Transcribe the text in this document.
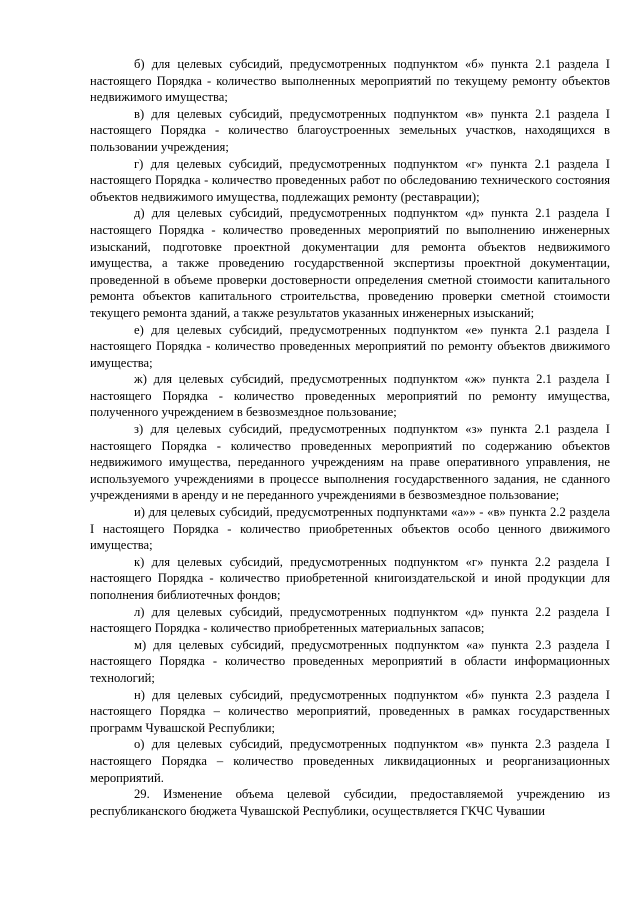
б) для целевых субсидий, предусмотренных подпунктом «б» пункта 2.1 раздела I настоящего Порядка - количество выполненных мероприятий по текущему ремонту объектов недвижимого имущества;

в) для целевых субсидий, предусмотренных подпунктом «в» пункта 2.1 раздела I настоящего Порядка - количество благоустроенных земельных участков, находящихся в пользовании учреждения;

г) для целевых субсидий, предусмотренных подпунктом «г» пункта 2.1 раздела I настоящего Порядка - количество проведенных работ по обследованию технического состояния объектов недвижимого имущества, подлежащих ремонту (реставрации);

д) для целевых субсидий, предусмотренных подпунктом «д» пункта 2.1 раздела I настоящего Порядка - количество проведенных мероприятий по выполнению инженерных изысканий, подготовке проектной документации для ремонта объектов недвижимого имущества, а также проведению государственной экспертизы проектной документации, проведенной в объеме проверки достоверности определения сметной стоимости капитального ремонта объектов капитального строительства, проведению проверки сметной стоимости текущего ремонта зданий, а также результатов указанных инженерных изысканий;

е) для целевых субсидий, предусмотренных подпунктом «е» пункта 2.1 раздела I настоящего Порядка - количество проведенных мероприятий по ремонту объектов движимого имущества;

ж) для целевых субсидий, предусмотренных подпунктом «ж» пункта 2.1 раздела I настоящего Порядка - количество проведенных мероприятий по ремонту имущества, полученного учреждением в безвозмездное пользование;

з) для целевых субсидий, предусмотренных подпунктом «з» пункта 2.1 раздела I настоящего Порядка - количество проведенных мероприятий по содержанию объектов недвижимого имущества, переданного учреждениям на праве оперативного управления, не используемого учреждениями в процессе выполнения государственного задания, не сданного учреждениями в аренду и не переданного учреждениями в безвозмездное пользование;

и) для целевых субсидий, предусмотренных подпунктами «а»» - «в» пункта 2.2 раздела I настоящего Порядка - количество приобретенных объектов особо ценного движимого имущества;

к) для целевых субсидий, предусмотренных подпунктом «г» пункта 2.2 раздела I настоящего Порядка - количество приобретенной книгоиздательской и иной продукции для пополнения библиотечных фондов;

л) для целевых субсидий, предусмотренных подпунктом «д» пункта 2.2 раздела I настоящего Порядка - количество приобретенных материальных запасов;

м) для целевых субсидий, предусмотренных подпунктом «а» пункта 2.3 раздела I настоящего Порядка - количество проведенных мероприятий в области информационных технологий;

н) для целевых субсидий, предусмотренных подпунктом «б» пункта 2.3 раздела I настоящего Порядка – количество мероприятий, проведенных в рамках государственных программ Чувашской Республики;

о) для целевых субсидий, предусмотренных подпунктом «в» пункта 2.3 раздела I настоящего Порядка – количество проведенных ликвидационных и реорганизационных мероприятий.

29. Изменение объема целевой субсидии, предоставляемой учреждению из республиканского бюджета Чувашской Республики, осуществляется ГКЧС Чувашии
